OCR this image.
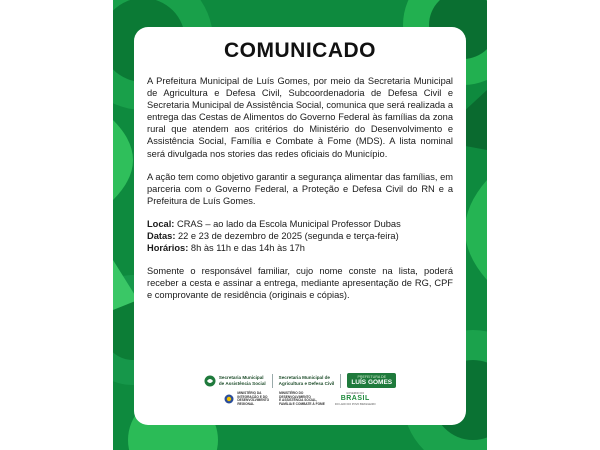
COMUNICADO

A Prefeitura Municipal de Luís Gomes, por meio da Secretaria Municipal de Agricultura e Defesa Civil, Subcoordenadoria de Defesa Civil e Secretaria Municipal de Assistência Social, comunica que será realizada a entrega das Cestas de Alimentos do Governo Federal às famílias da zona rural que atendem aos critérios do Ministério do Desenvolvimento e Assistência Social, Família e Combate à Fome (MDS). A lista nominal será divulgada nos stories das redes oficiais do Município.

A ação tem como objetivo garantir a segurança alimentar das famílias, em parceria com o Governo Federal, a Proteção e Defesa Civil do RN e a Prefeitura de Luís Gomes.

Local: CRAS – ao lado da Escola Municipal Professor Dubas

Datas: 22 e 23 de dezembro de 2025 (segunda e terça-feira)

Horários: 8h às 11h e das 14h às 17h

Somente o responsável familiar, cujo nome conste na lista, poderá receber a cesta e assinar a entrega, mediante apresentação de RG, CPF e comprovante de residência (originais e cópias).

Secretaria Municipal
de Assistência Social
Secretaria Municipal de
Agricultura e Defesa Civil
PREFEITURA DE
LUÍS GOMES
MINISTÉRIO DA
INTEGRAÇÃO E DO
DESENVOLVIMENTO
REGIONAL
MINISTÉRIO DO
DESENVOLVIMENTO
E ASSISTÊNCIA SOCIAL,
FAMÍLIA E COMBATE À FOME
GOVERNO DO
BRASIL
DO LADO DO POVO BRASILEIRO
